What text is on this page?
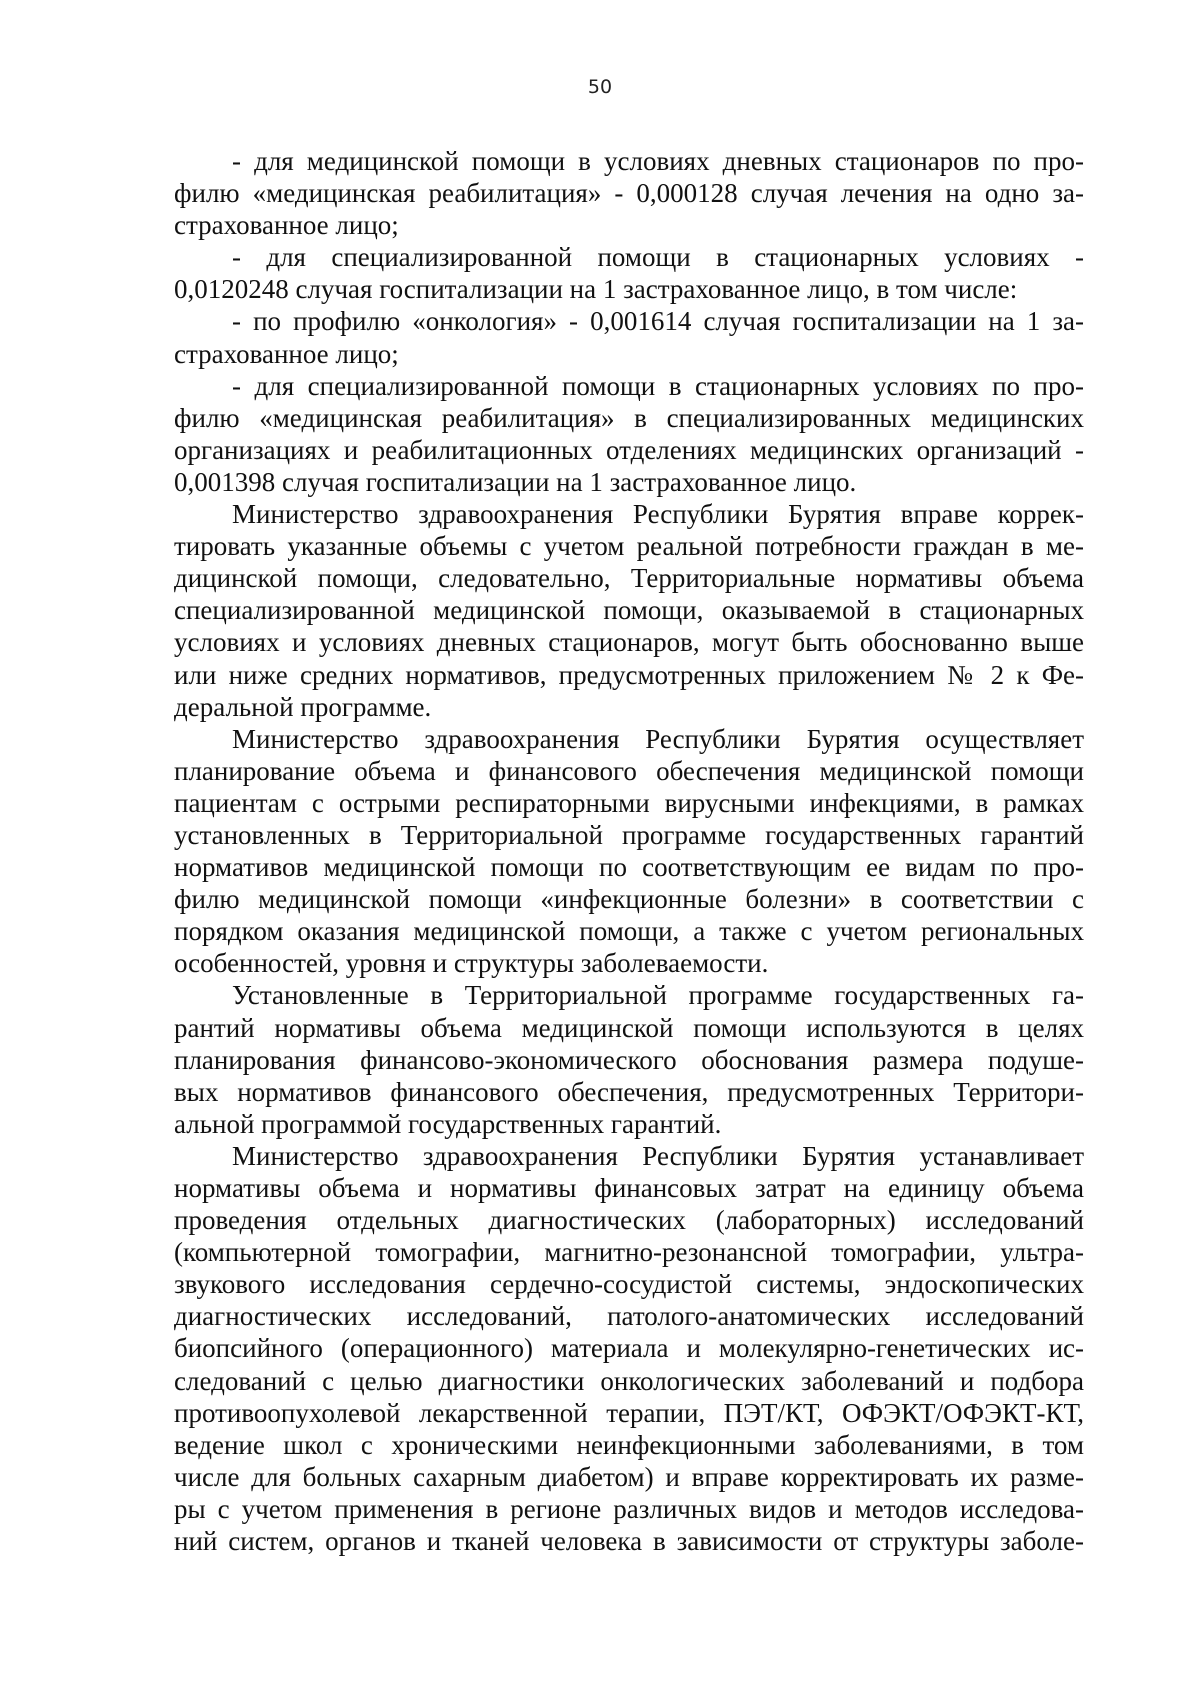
50
- для медицинской помощи в условиях дневных стационаров по про-
филю «медицинская реабилитация» - 0,000128 случая лечения на одно за-
страхованное лицо;
- для специализированной помощи в стационарных условиях -
0,0120248 случая госпитализации на 1 застрахованное лицо, в том числе:
- по профилю «онкология» - 0,001614 случая госпитализации на 1 за-
страхованное лицо;
- для специализированной помощи в стационарных условиях по про-
филю «медицинская реабилитация» в специализированных медицинских
организациях и реабилитационных отделениях медицинских организаций -
0,001398 случая госпитализации на 1 застрахованное лицо.
Министерство здравоохранения Республики Бурятия вправе коррек-
тировать указанные объемы с учетом реальной потребности граждан в ме-
дицинской помощи, следовательно, Территориальные нормативы объема
специализированной медицинской помощи, оказываемой в стационарных
условиях и условиях дневных стационаров, могут быть обоснованно выше
или ниже средних нормативов, предусмотренных приложением № 2 к Фе-
деральной программе.
Министерство здравоохранения Республики Бурятия осуществляет
планирование объема и финансового обеспечения медицинской помощи
пациентам с острыми респираторными вирусными инфекциями, в рамках
установленных в Территориальной программе государственных гарантий
нормативов медицинской помощи по соответствующим ее видам по про-
филю медицинской помощи «инфекционные болезни» в соответствии с
порядком оказания медицинской помощи, а также с учетом региональных
особенностей, уровня и структуры заболеваемости.
Установленные в Территориальной программе государственных га-
рантий нормативы объема медицинской помощи используются в целях
планирования финансово-экономического обоснования размера подуше-
вых нормативов финансового обеспечения, предусмотренных Территори-
альной программой государственных гарантий.
Министерство здравоохранения Республики Бурятия устанавливает
нормативы объема и нормативы финансовых затрат на единицу объема
проведения отдельных диагностических (лабораторных) исследований
(компьютерной томографии, магнитно-резонансной томографии, ультра-
звукового исследования сердечно-сосудистой системы, эндоскопических
диагностических исследований, патолого-анатомических исследований
биопсийного (операционного) материала и молекулярно-генетических ис-
следований с целью диагностики онкологических заболеваний и подбора
противоопухолевой лекарственной терапии, ПЭТ/КТ, ОФЭКТ/ОФЭКТ-КТ,
ведение школ с хроническими неинфекционными заболеваниями, в том
числе для больных сахарным диабетом) и вправе корректировать их разме-
ры с учетом применения в регионе различных видов и методов исследова-
ний систем, органов и тканей человека в зависимости от структуры заболе-
